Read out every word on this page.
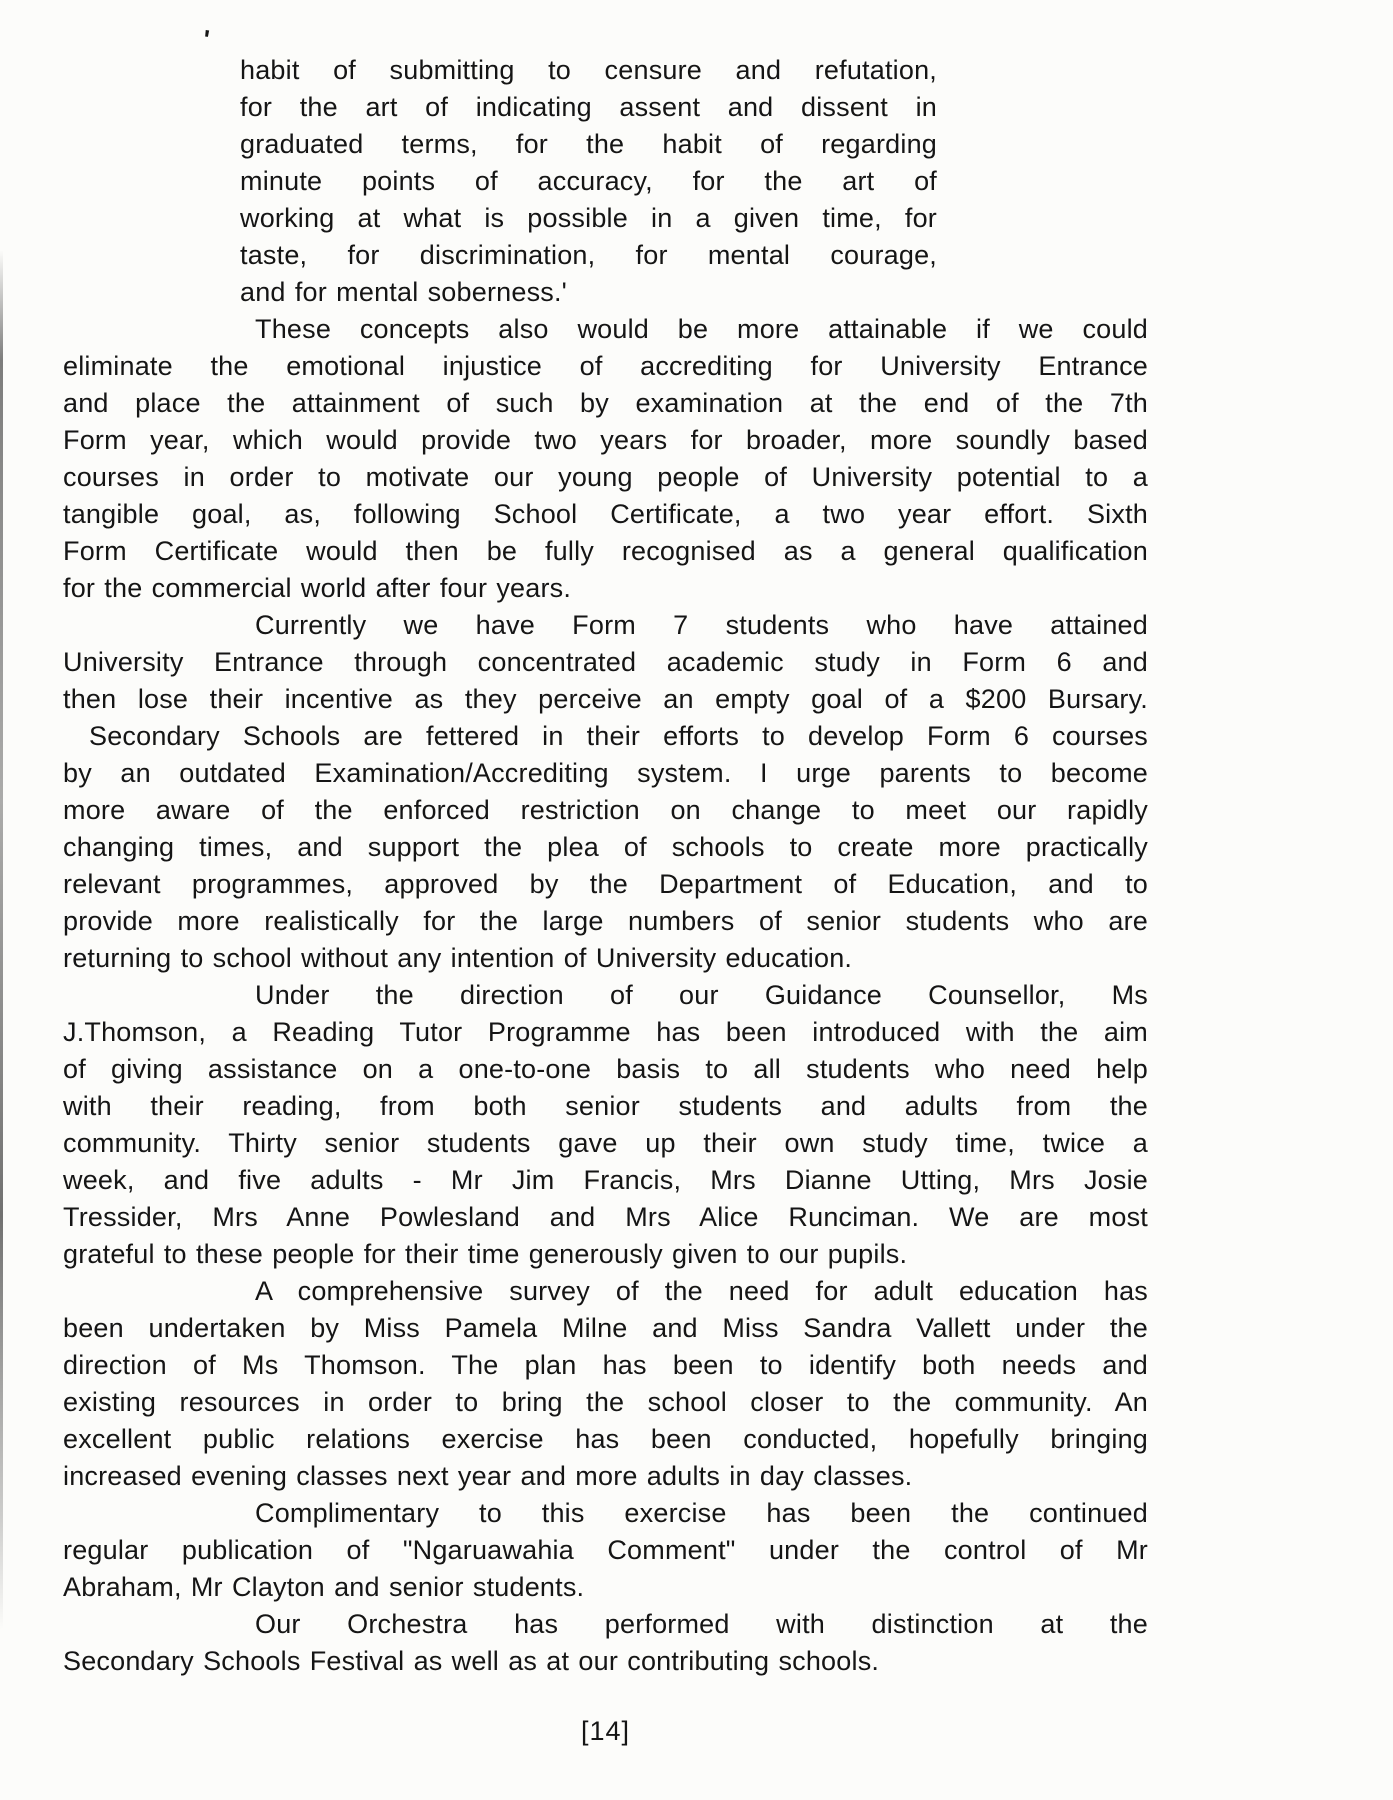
'
habit of submitting to censure and refutation,
for the art of indicating assent and dissent in
graduated terms, for the habit of regarding
minute points of accuracy, for the art of
working at what is possible in a given time, for
taste, for discrimination, for mental courage,
and for mental soberness.'
These concepts also would be more attainable if we could
eliminate the emotional injustice of accrediting for University Entrance
and place the attainment of such by examination at the end of the 7th
Form year, which would provide two years for broader, more soundly based
courses in order to motivate our young people of University potential to a
tangible goal, as, following School Certificate, a two year effort. Sixth
Form Certificate would then be fully recognised as a general qualification
for the commercial world after four years.
Currently we have Form 7 students who have attained
University Entrance through concentrated academic study in Form 6 and
then lose their incentive as they perceive an empty goal of a $200 Bursary.
Secondary Schools are fettered in their efforts to develop Form 6 courses
by an outdated Examination/Accrediting system. I urge parents to become
more aware of the enforced restriction on change to meet our rapidly
changing times, and support the plea of schools to create more practically
relevant programmes, approved by the Department of Education, and to
provide more realistically for the large numbers of senior students who are
returning to school without any intention of University education.
Under the direction of our Guidance Counsellor, Ms
J.Thomson, a Reading Tutor Programme has been introduced with the aim
of giving assistance on a one-to-one basis to all students who need help
with their reading, from both senior students and adults from the
community. Thirty senior students gave up their own study time, twice a
week, and five adults - Mr Jim Francis, Mrs Dianne Utting, Mrs Josie
Tressider, Mrs Anne Powlesland and Mrs Alice Runciman. We are most
grateful to these people for their time generously given to our pupils.
A comprehensive survey of the need for adult education has
been undertaken by Miss Pamela Milne and Miss Sandra Vallett under the
direction of Ms Thomson. The plan has been to identify both needs and
existing resources in order to bring the school closer to the community. An
excellent public relations exercise has been conducted, hopefully bringing
increased evening classes next year and more adults in day classes.
Complimentary to this exercise has been the continued
regular publication of "Ngaruawahia Comment" under the control of Mr
Abraham, Mr Clayton and senior students.
Our Orchestra has performed with distinction at the
Secondary Schools Festival as well as at our contributing schools.
[14]
